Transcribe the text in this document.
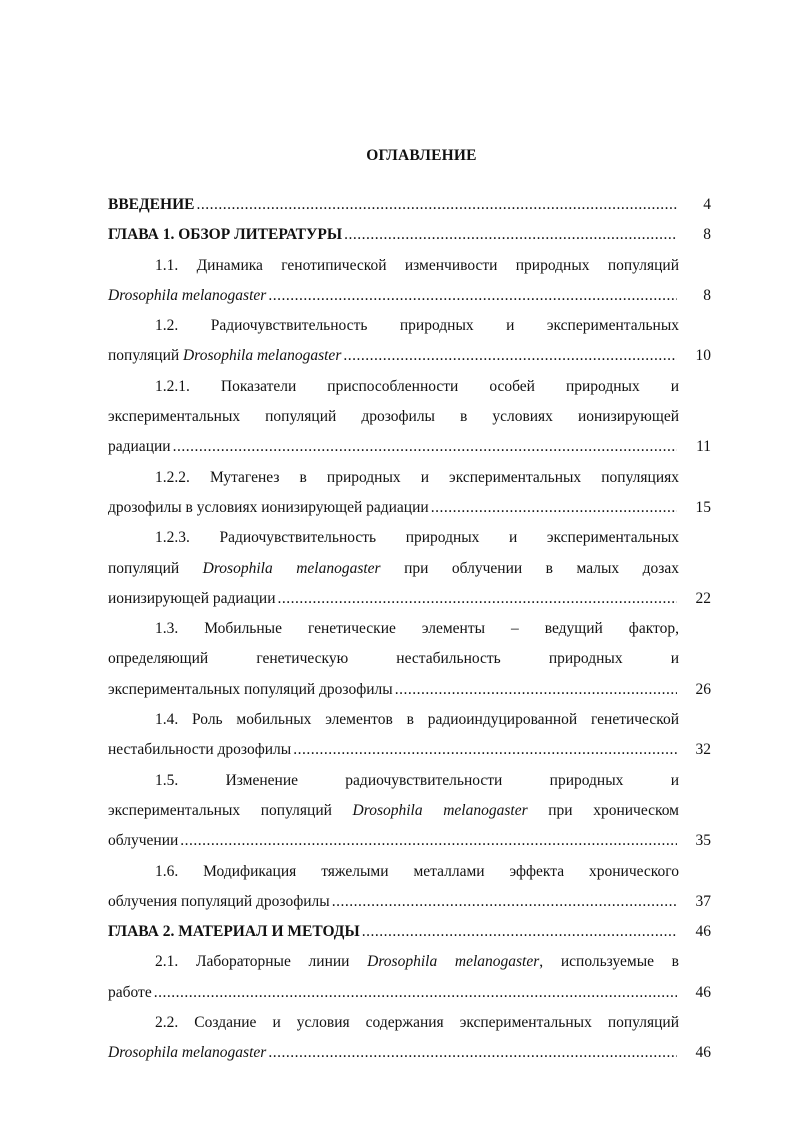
ОГЛАВЛЕНИЕ
ВВЕДЕНИЕ .....	4
ГЛАВА 1. ОБЗОР ЛИТЕРАТУРЫ .....	8
1.1. Динамика генотипической изменчивости природных популяций
Drosophila melanogaster .....	8
1.2. Радиочувствительность природных и экспериментальных
популяций Drosophila melanogaster .....	10
1.2.1. Показатели приспособленности особей природных и
экспериментальных популяций дрозофилы в условиях ионизирующей
радиации .....	11
1.2.2. Мутагенез в природных и экспериментальных популяциях
дрозофилы в условиях ионизирующей радиации .....	15
1.2.3. Радиочувствительность природных и экспериментальных
популяций Drosophila melanogaster при облучении в малых дозах
ионизирующей радиации .....	22
1.3. Мобильные генетические элементы – ведущий фактор,
определяющий генетическую нестабильность природных и
экспериментальных популяций дрозофилы .....	26
1.4. Роль мобильных элементов в радиоиндуцированной генетической
нестабильности дрозофилы .....	32
1.5. Изменение радиочувствительности природных и
экспериментальных популяций Drosophila melanogaster при хроническом
облучении .....	35
1.6. Модификация тяжелыми металлами эффекта хронического
облучения популяций дрозофилы .....	37
ГЛАВА 2. МАТЕРИАЛ И МЕТОДЫ .....	46
2.1. Лабораторные линии Drosophila melanogaster, используемые в
работе .....	46
2.2. Создание и условия содержания экспериментальных популяций
Drosophila melanogaster .....	46
